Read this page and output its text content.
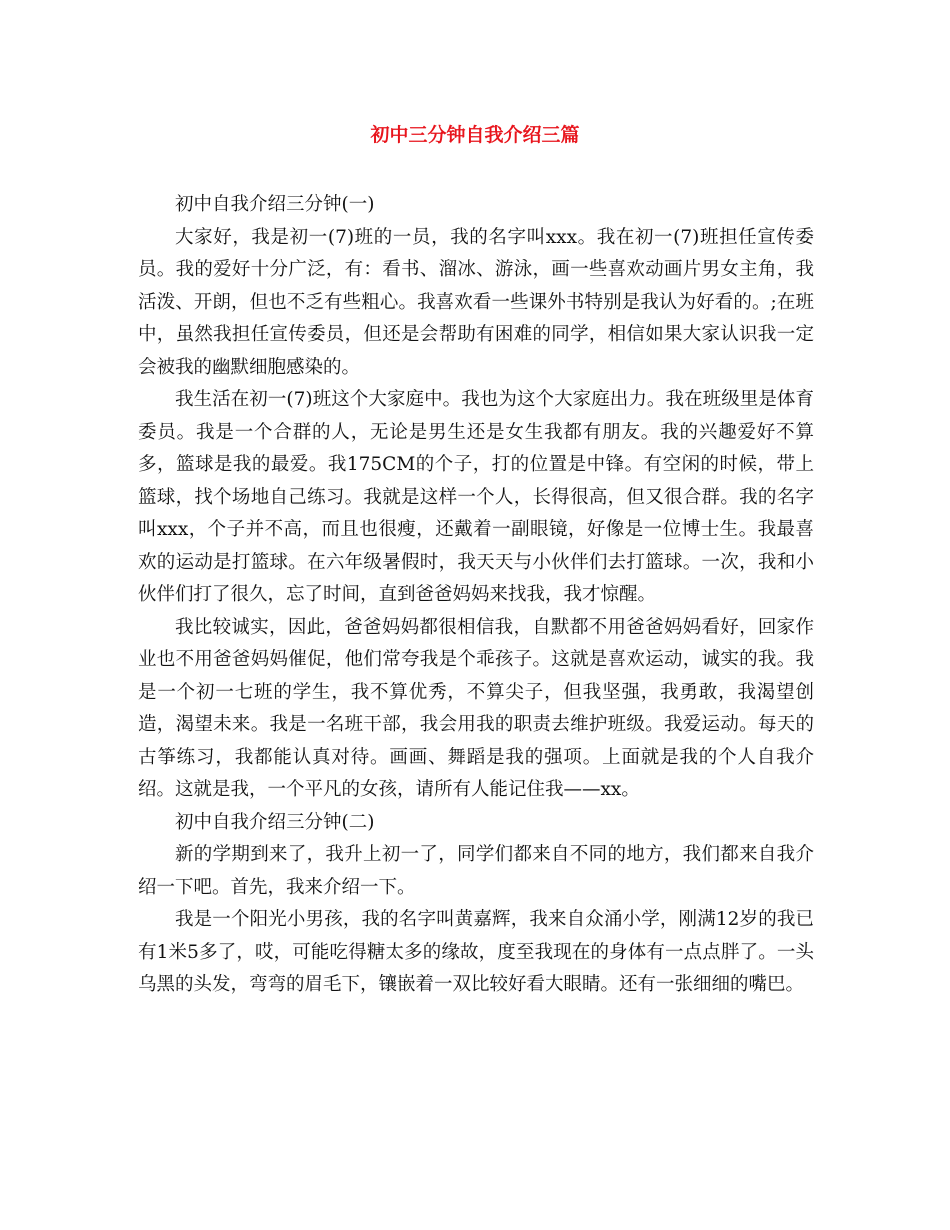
初中三分钟自我介绍三篇

初中自我介绍三分钟(一)

大家好，我是初一(7)班的一员，我的名字叫xxx。我在初一(7)班担任宣传委员。我的爱好十分广泛，有：看书、溜冰、游泳，画一些喜欢动画片男女主角，我活泼、开朗，但也不乏有些粗心。我喜欢看一些课外书特别是我认为好看的。;在班中，虽然我担任宣传委员，但还是会帮助有困难的同学，相信如果大家认识我一定会被我的幽默细胞感染的。

我生活在初一(7)班这个大家庭中。我也为这个大家庭出力。我在班级里是体育委员。我是一个合群的人，无论是男生还是女生我都有朋友。我的兴趣爱好不算多，篮球是我的最爱。我175CM的个子，打的位置是中锋。有空闲的时候，带上篮球，找个场地自己练习。我就是这样一个人，长得很高，但又很合群。我的名字叫xxx，个子并不高，而且也很瘦，还戴着一副眼镜，好像是一位博士生。我最喜欢的运动是打篮球。在六年级暑假时，我天天与小伙伴们去打篮球。一次，我和小伙伴们打了很久，忘了时间，直到爸爸妈妈来找我，我才惊醒。

我比较诚实，因此，爸爸妈妈都很相信我，自默都不用爸爸妈妈看好，回家作业也不用爸爸妈妈催促，他们常夸我是个乖孩子。这就是喜欢运动，诚实的我。我是一个初一七班的学生，我不算优秀，不算尖子，但我坚强，我勇敢，我渴望创造，渴望未来。我是一名班干部，我会用我的职责去维护班级。我爱运动。每天的古筝练习，我都能认真对待。画画、舞蹈是我的强项。上面就是我的个人自我介绍。这就是我，一个平凡的女孩，请所有人能记住我——xx。

初中自我介绍三分钟(二)

新的学期到来了，我升上初一了，同学们都来自不同的地方，我们都来自我介绍一下吧。首先，我来介绍一下。

我是一个阳光小男孩，我的名字叫黄嘉辉，我来自众涌小学，刚满12岁的我已有1米5多了，哎，可能吃得糖太多的缘故，度至我现在的身体有一点点胖了。一头乌黑的头发，弯弯的眉毛下，镶嵌着一双比较好看大眼睛。还有一张细细的嘴巴。
